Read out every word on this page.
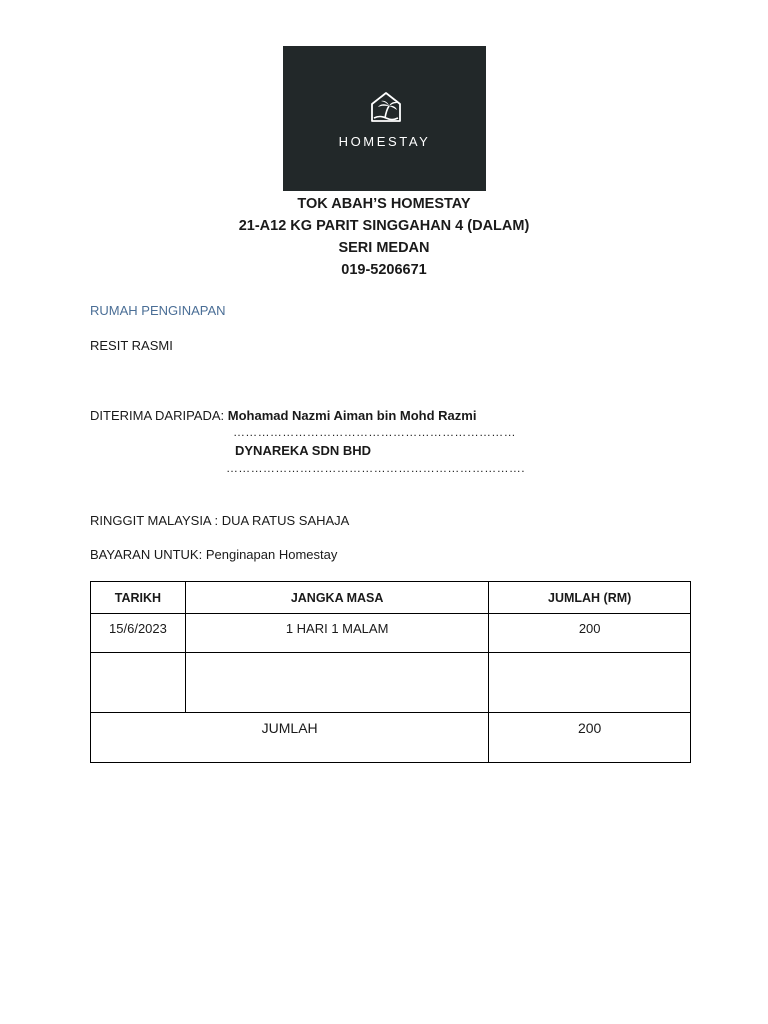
HOMESTAY
TOK ABAH’S HOMESTAY
21-A12 KG PARIT SINGGAHAN 4 (DALAM)
SERI MEDAN
019-5206671
RUMAH PENGINAPAN
RESIT RASMI
DITERIMA DARIPADA: Mohamad Nazmi Aiman bin Mohd Razmi
……………………………………………………………
DYNAREKA SDN BHD
……………………………………………………………….
RINGGIT MALAYSIA : DUA RATUS SAHAJA
BAYARAN UNTUK: Penginapan Homestay
TARIKH	JANGKA MASA	JUMLAH (RM)
15/6/2023	1 HARI 1 MALAM	200

JUMLAH		200
